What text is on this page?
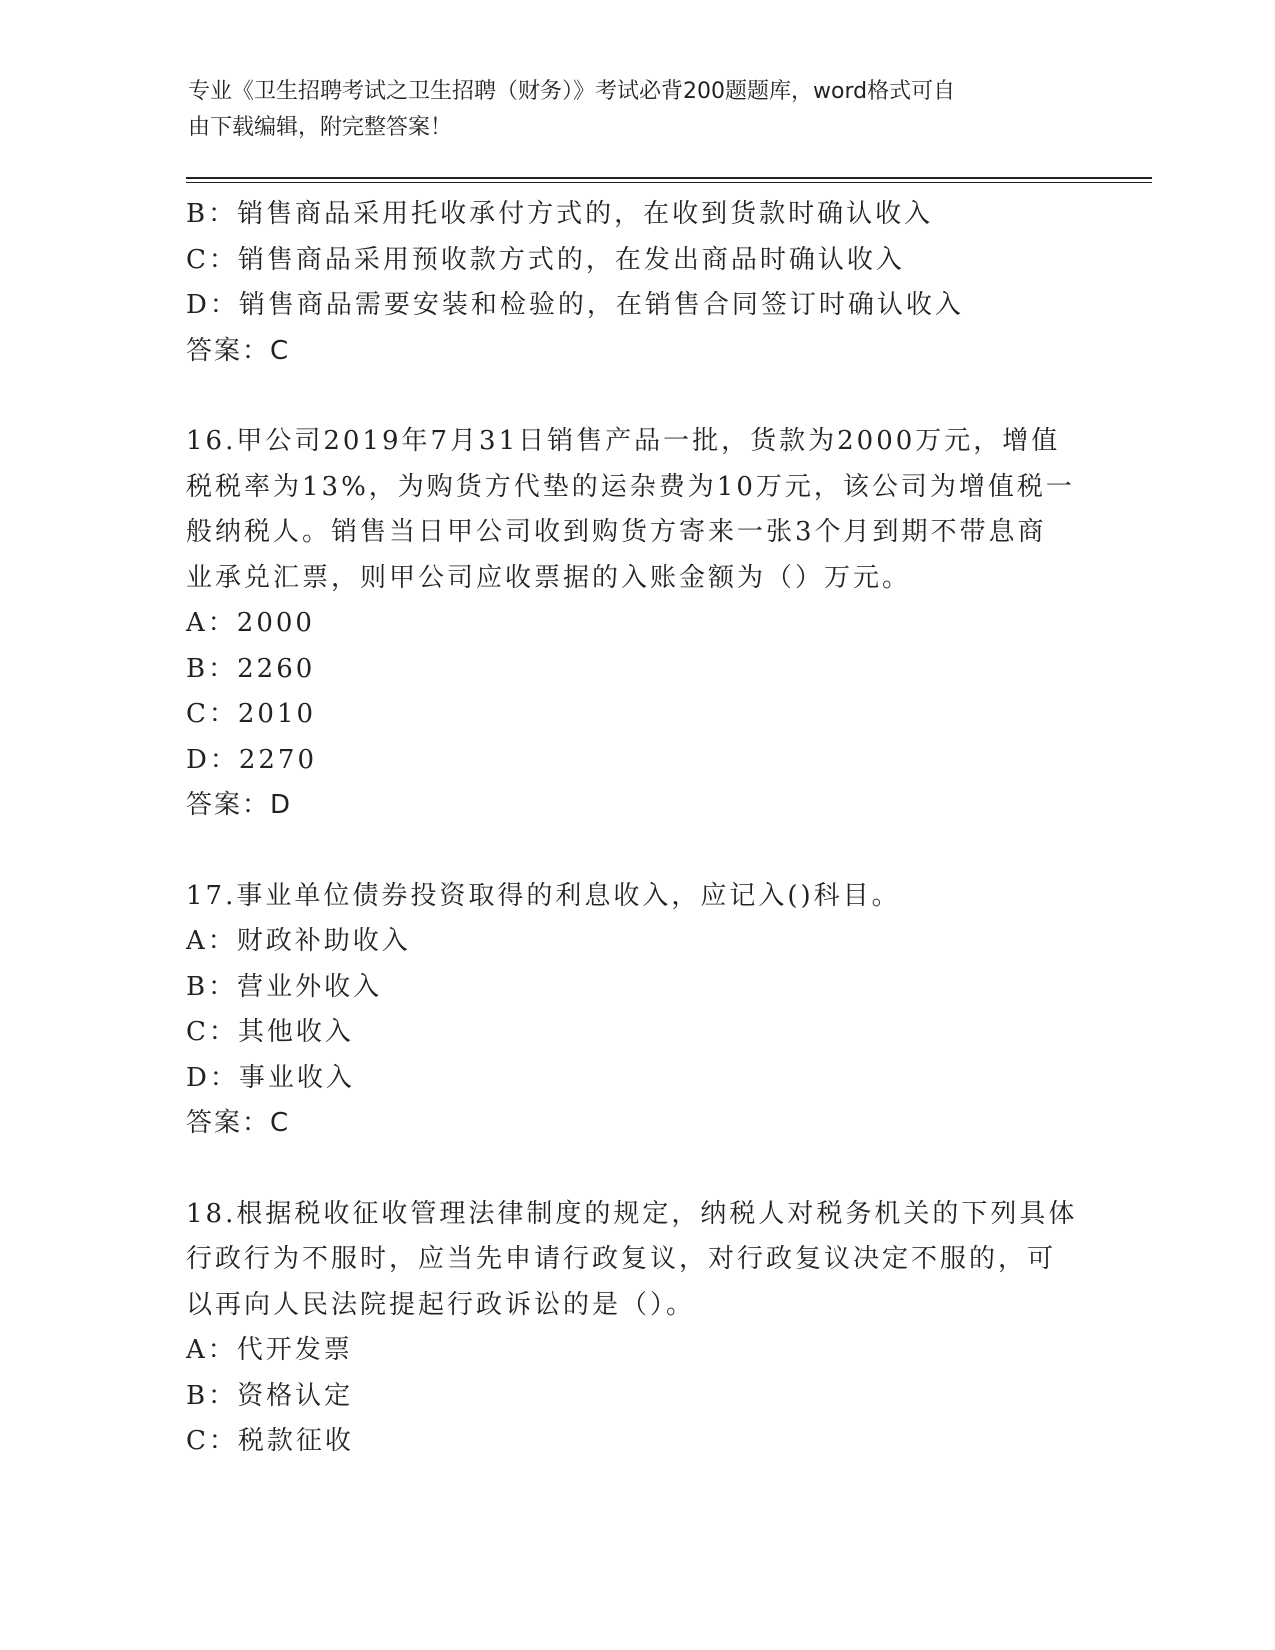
专业《卫生招聘考试之卫生招聘（财务）》考试必背200题题库，word格式可自
由下载编辑，附完整答案！
B：销售商品采用托收承付方式的，在收到货款时确认收入
C：销售商品采用预收款方式的，在发出商品时确认收入
D：销售商品需要安装和检验的，在销售合同签订时确认收入
答案：C
16.甲公司2019年7月31日销售产品一批，货款为2000万元，增值
税税率为13%，为购货方代垫的运杂费为10万元，该公司为增值税一
般纳税人。销售当日甲公司收到购货方寄来一张3个月到期不带息商
业承兑汇票，则甲公司应收票据的入账金额为（）万元。
A：2000
B：2260
C：2010
D：2270
答案：D
17.事业单位债券投资取得的利息收入，应记入()科目。
A：财政补助收入
B：营业外收入
C：其他收入
D：事业收入
答案：C
18.根据税收征收管理法律制度的规定，纳税人对税务机关的下列具体
行政行为不服时，应当先申请行政复议，对行政复议决定不服的，可
以再向人民法院提起行政诉讼的是（）。
A：代开发票
B：资格认定
C：税款征收
